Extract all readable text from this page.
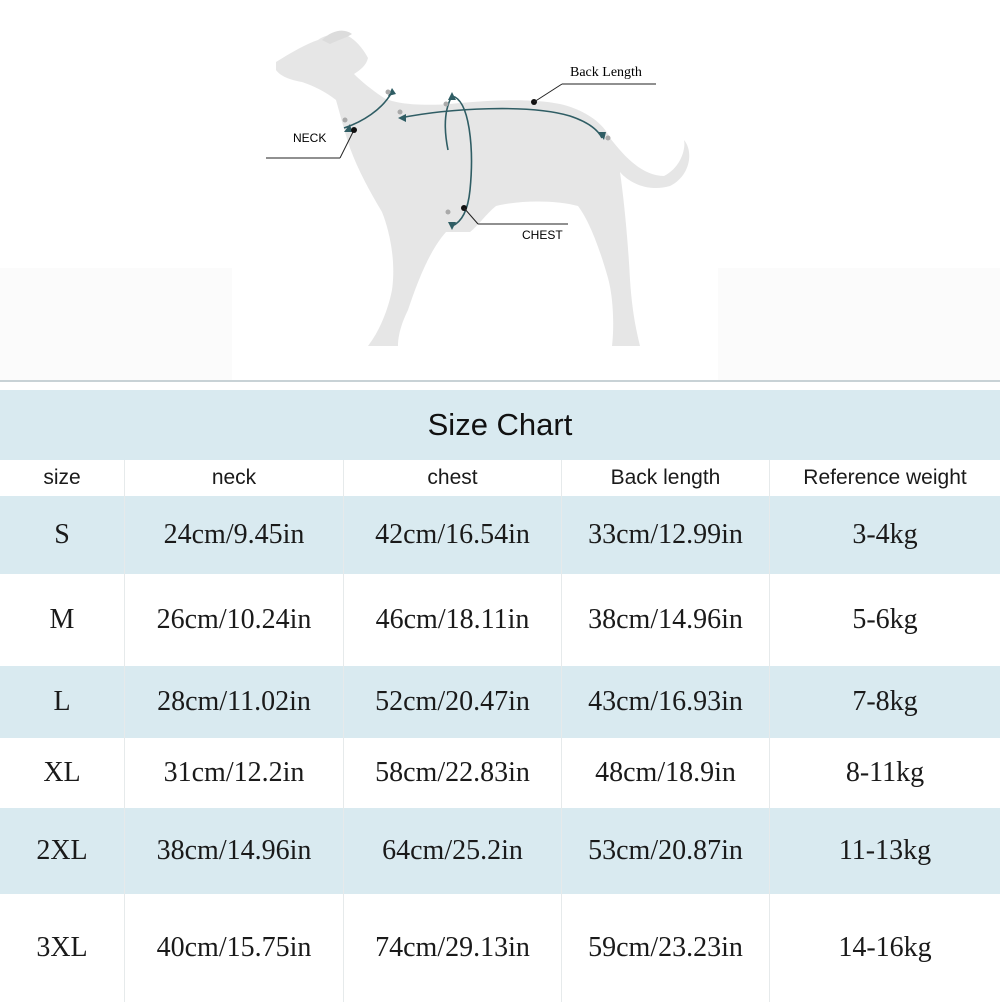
NECK
CHEST
Back Length
Size Chart
size	neck	chest	Back length	Reference weight
S	24cm/9.45in	42cm/16.54in	33cm/12.99in	3-4kg
M	26cm/10.24in	46cm/18.11in	38cm/14.96in	5-6kg
L	28cm/11.02in	52cm/20.47in	43cm/16.93in	7-8kg
XL	31cm/12.2in	58cm/22.83in	48cm/18.9in	8-11kg
2XL	38cm/14.96in	64cm/25.2in	53cm/20.87in	11-13kg
3XL	40cm/15.75in	74cm/29.13in	59cm/23.23in	14-16kg
